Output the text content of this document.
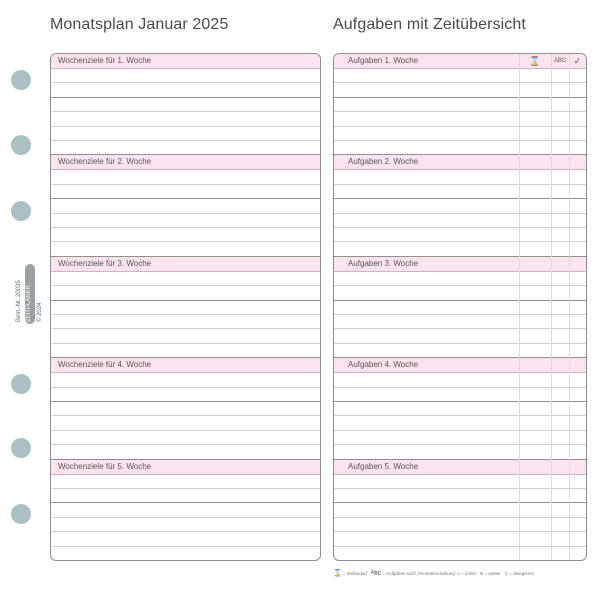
Best.-Nr. 20035 ZEITPLANER © 2024
Monatsplan Januar 2025	Aufgaben mit Zeitübersicht
Wochenziele für 1. Woche
Wochenziele für 2. Woche
Wochenziele für 3. Woche
Wochenziele für 4. Woche
Wochenziele für 5. Woche
Aufgaben 1. Woche
Aufgaben 2. Woche
Aufgaben 3. Woche
Aufgaben 4. Woche
Aufgaben 5. Woche
⌛	ABC ✓
⌛ = Zeitbedarf ᴬʙᴄ = Aufgaben nach Prioritätenordnung: A = sofort · B = später · C = delegieren
